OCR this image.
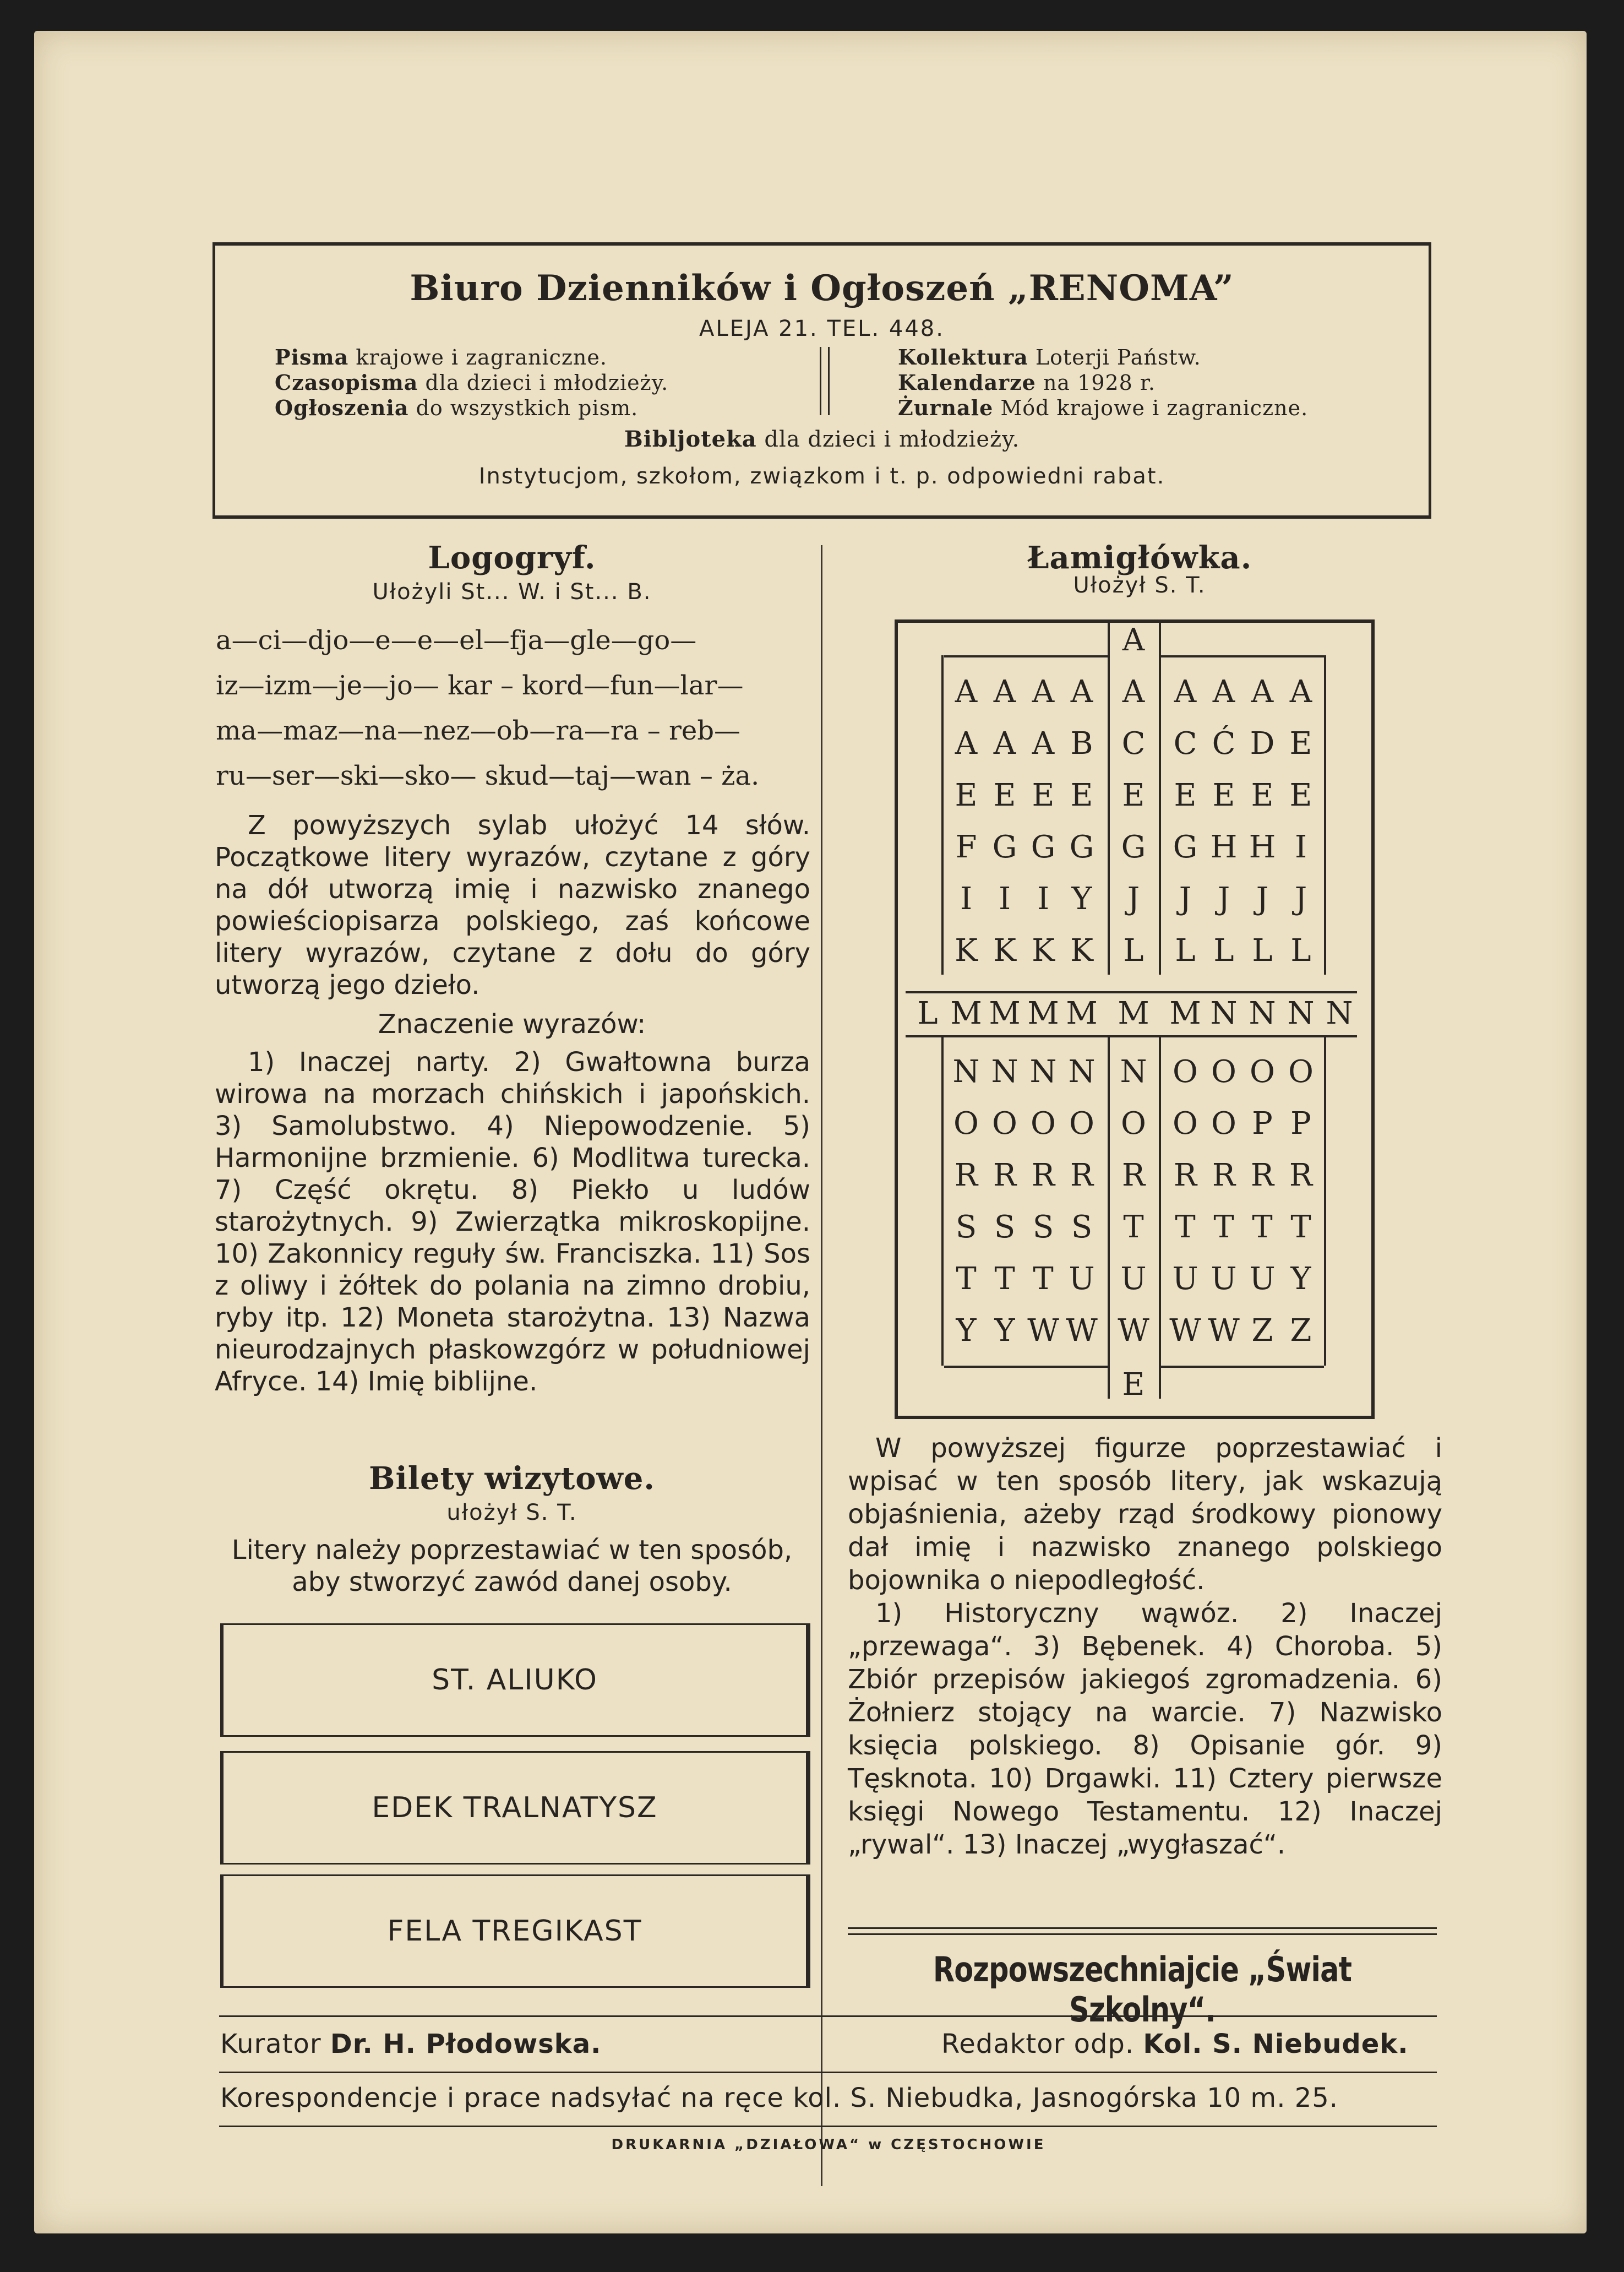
Biuro Dzienników i Ogłoszeń „RENOMA”
ALEJA 21. TEL. 448.
Pisma krajowe i zagraniczne.
Czasopisma dla dzieci i młodzieży.
Ogłoszenia do wszystkich pism.
Kollektura Loterji Państw.
Kalendarze na 1928 r.
Żurnale Mód krajowe i zagraniczne.
Bibljoteka dla dzieci i młodzieży.
Instytucjom, szkołom, związkom i t. p. odpowiedni rabat.
Logogryf.
Ułożyli St... W. i St... B.
a—ci—djo—e—e—el—fja—gle—go—
iz—izm—je—jo— kar – kord—fun—lar—
ma—maz—na—nez—ob—ra—ra – reb—
ru—ser—ski—sko— skud—taj—wan – ża.
Z powyższych sylab ułożyć 14 słów. Początkowe litery wyrazów, czytane z góry na dół utworzą imię i nazwisko znanego powieściopisarza polskiego, zaś końcowe litery wyrazów, czytane z dołu do góry utworzą jego dzieło.
Znaczenie wyrazów:
1) Inaczej narty. 2) Gwałtowna burza wirowa na morzach chińskich i japońskich. 3) Samolubstwo. 4) Niepowodzenie. 5) Harmonijne brzmienie. 6) Modlitwa turecka. 7) Część okrętu. 8) Piekło u ludów starożytnych. 9) Zwierzątka mikroskopijne. 10) Zakonnicy reguły św. Franciszka. 11) Sos z oliwy i żółtek do polania na zimno drobiu, ryby itp. 12) Moneta starożytna. 13) Nazwa nieurodzajnych płaskowzgórz w południowej Afryce. 14) Imię biblijne.
Bilety wizytowe.
ułożył S. T.
Litery należy poprzestawiać w ten sposób, aby stworzyć zawód danej osoby.
ST. ALIUKO
EDEK TRALNATYSZ
FELA TREGIKAST
Łamigłówka.
Ułożył S. T.
A
A A A A A A A A A
A A A B C C Ć D E
E E E E E E E E E
F G G G G G H H I
I I I Y	J	J J J J
K K K K L L L L L
L M M M M M M N N N N
N N N N N O O O O
O O O O O O O P P
R R R R R R R R R
S S S S T T T T T
T T T U U U U U Y
Y Y W W W W W Z Z
E
W powyższej figurze poprzestawiać i wpisać w ten sposób litery, jak wskazują objaśnienia, ażeby rząd środkowy pionowy dał imię i nazwisko znanego polskiego bojownika o niepodległość.
1) Historyczny wąwóz. 2) Inaczej „przewaga“. 3) Bębenek. 4) Choroba. 5) Zbiór przepisów jakiegoś zgromadzenia. 6) Żołnierz stojący na warcie. 7) Nazwisko księcia polskiego. 8) Opisanie gór. 9) Tęsknota. 10) Drgawki. 11) Cztery pierwsze księgi Nowego Testamentu. 12) Inaczej „rywal“. 13) Inaczej „wygłaszać“.
Rozpowszechniajcie „Świat Szkolny“.
Kurator Dr. H. Płodowska.	Redaktor odp. Kol. S. Niebudek.
Korespondencje i prace nadsyłać na ręce kol. S. Niebudka, Jasnogórska 10 m. 25.
DRUKARNIA „DZIAŁOWA“ w CZĘSTOCHOWIE
